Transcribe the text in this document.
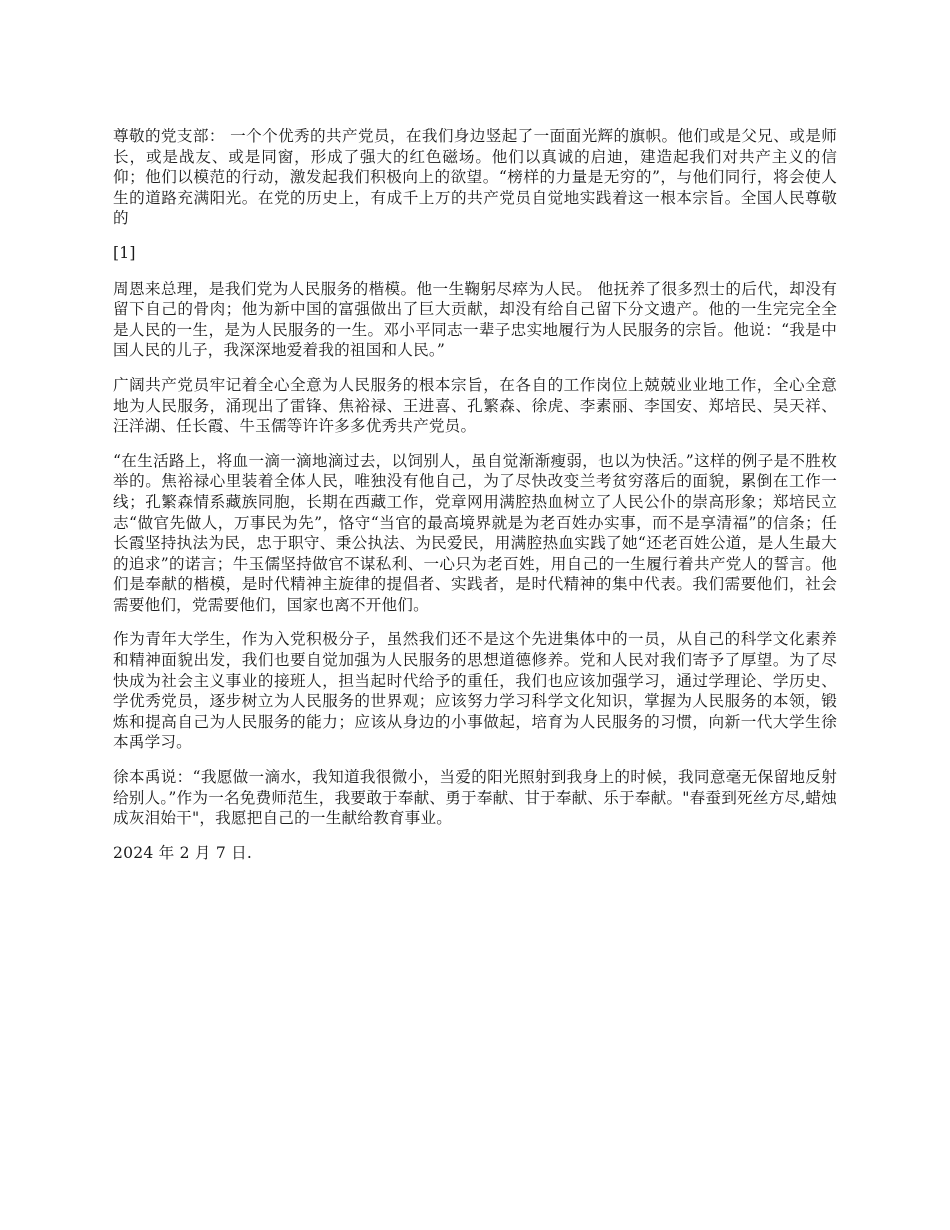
尊敬的党支部： 一个个优秀的共产党员，在我们身边竖起了一面面光辉的旗帜。他们或是父兄、或是师长，或是战友、或是同窗，形成了强大的红色磁场。他们以真诚的启迪，建造起我们对共产主义的信仰；他们以模范的行动，激发起我们积极向上的欲望。“榜样的力量是无穷的”，与他们同行，将会使人生的道路充满阳光。在党的历史上，有成千上万的共产党员自觉地实践着这一根本宗旨。全国人民尊敬的

[1]

周恩来总理，是我们党为人民服务的楷模。他一生鞠躬尽瘁为人民。 他抚养了很多烈士的后代，却没有留下自己的骨肉；他为新中国的富强做出了巨大贡献，却没有给自己留下分文遗产。他的一生完完全全是人民的一生，是为人民服务的一生。邓小平同志一辈子忠实地履行为人民服务的宗旨。他说：“我是中国人民的儿子，我深深地爱着我的祖国和人民。”

广阔共产党员牢记着全心全意为人民服务的根本宗旨，在各自的工作岗位上兢兢业业地工作，全心全意地为人民服务，涌现出了雷锋、焦裕禄、王进喜、孔繁森、徐虎、李素丽、李国安、郑培民、吴天祥、汪洋湖、任长霞、牛玉儒等许许多多优秀共产党员。

“在生活路上，将血一滴一滴地滴过去，以饲别人，虽自觉渐渐瘦弱，也以为快活。”这样的例子是不胜枚举的。焦裕禄心里装着全体人民，唯独没有他自己，为了尽快改变兰考贫穷落后的面貌，累倒在工作一线；孔繁森情系藏族同胞，长期在西藏工作，党章网用满腔热血树立了人民公仆的崇高形象；郑培民立志“做官先做人，万事民为先”，恪守“当官的最高境界就是为老百姓办实事，而不是享清福”的信条；任长霞坚持执法为民，忠于职守、秉公执法、为民爱民，用满腔热血实践了她“还老百姓公道，是人生最大的追求”的诺言；牛玉儒坚持做官不谋私利、一心只为老百姓，用自己的一生履行着共产党人的誓言。他们是奉献的楷模，是时代精神主旋律的提倡者、实践者，是时代精神的集中代表。我们需要他们，社会需要他们，党需要他们，国家也离不开他们。

作为青年大学生，作为入党积极分子，虽然我们还不是这个先进集体中的一员，从自己的科学文化素养和精神面貌出发，我们也要自觉加强为人民服务的思想道德修养。党和人民对我们寄予了厚望。为了尽快成为社会主义事业的接班人，担当起时代给予的重任，我们也应该加强学习，通过学理论、学历史、学优秀党员，逐步树立为人民服务的世界观；应该努力学习科学文化知识，掌握为人民服务的本领，锻炼和提高自己为人民服务的能力；应该从身边的小事做起，培育为人民服务的习惯，向新一代大学生徐本禹学习。

徐本禹说：“我愿做一滴水，我知道我很微小，当爱的阳光照射到我身上的时候，我同意毫无保留地反射给别人。”作为一名免费师范生，我要敢于奉献、勇于奉献、甘于奉献、乐于奉献。"春蚕到死丝方尽,蜡烛成灰泪始干"，我愿把自己的一生献给教育事业。

2024 年 2 月 7 日.
